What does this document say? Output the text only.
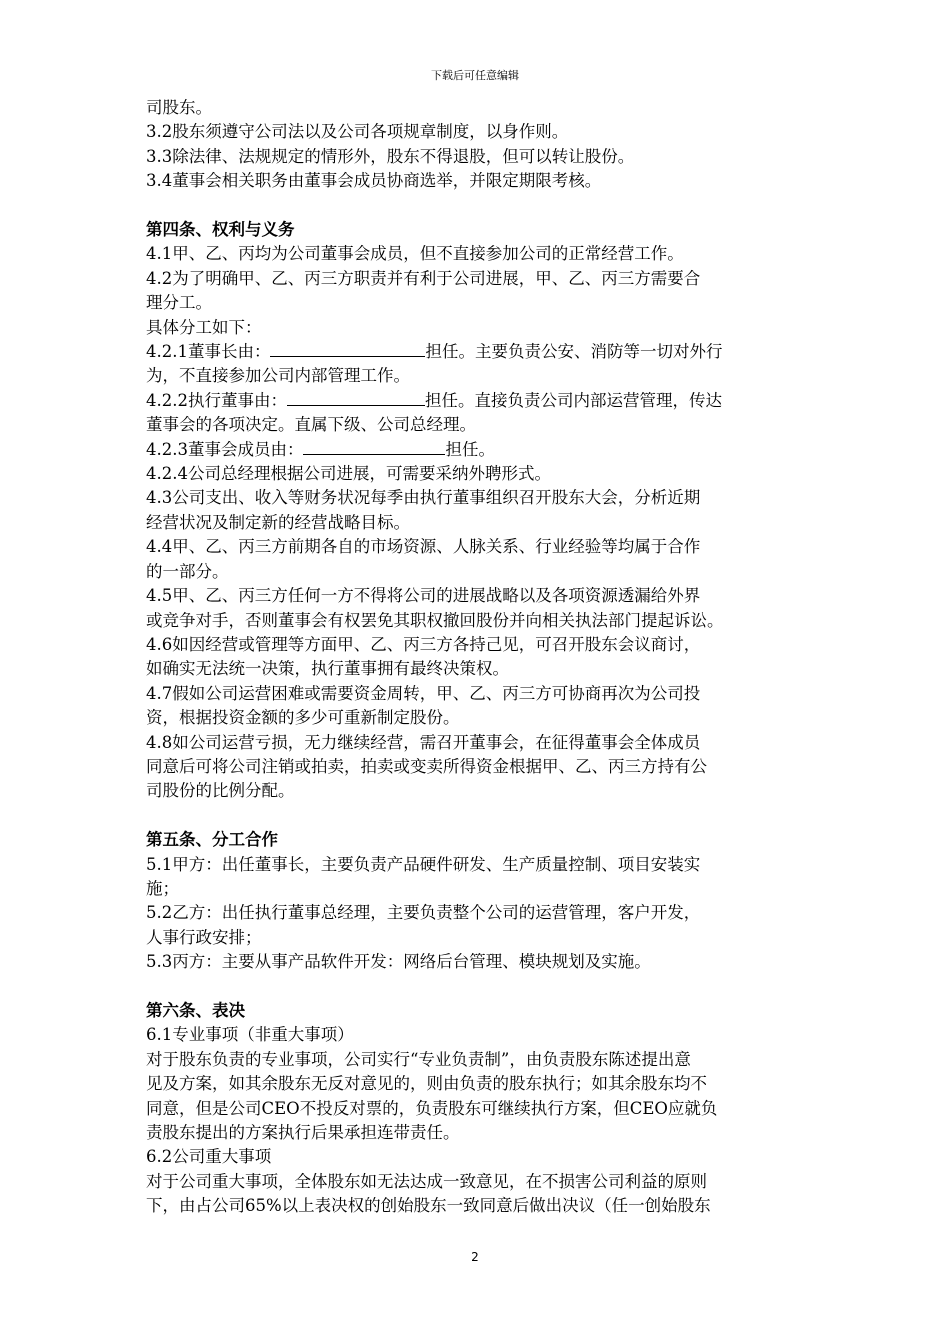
下载后可任意编辑
司股东。
3.2股东须遵守公司法以及公司各项规章制度，以身作则。
3.3除法律、法规规定的情形外，股东不得退股，但可以转让股份。
3.4董事会相关职务由董事会成员协商选举，并限定期限考核。
第四条、权利与义务
4.1甲、乙、丙均为公司董事会成员，但不直接参加公司的正常经营工作。
4.2为了明确甲、乙、丙三方职责并有利于公司进展，甲、乙、丙三方需要合
理分工。
具体分工如下：
4.2.1董事长由：	担任。主要负责公安、消防等一切对外行
为，不直接参加公司内部管理工作。
4.2.2执行董事由：	担任。直接负责公司内部运营管理，传达
董事会的各项决定。直属下级、公司总经理。
4.2.3董事会成员由：	担任。
4.2.4公司总经理根据公司进展，可需要采纳外聘形式。
4.3公司支出、收入等财务状况每季由执行董事组织召开股东大会，分析近期
经营状况及制定新的经营战略目标。
4.4甲、乙、丙三方前期各自的市场资源、人脉关系、行业经验等均属于合作
的一部分。
4.5甲、乙、丙三方任何一方不得将公司的进展战略以及各项资源透漏给外界
或竞争对手，否则董事会有权罢免其职权撤回股份并向相关执法部门提起诉讼。
4.6如因经营或管理等方面甲、乙、丙三方各持己见，可召开股东会议商讨，
如确实无法统一决策，执行董事拥有最终决策权。
4.7假如公司运营困难或需要资金周转，甲、乙、丙三方可协商再次为公司投
资，根据投资金额的多少可重新制定股份。
4.8如公司运营亏损，无力继续经营，需召开董事会，在征得董事会全体成员
同意后可将公司注销或拍卖，拍卖或变卖所得资金根据甲、乙、丙三方持有公
司股份的比例分配。
第五条、分工合作
5.1甲方：出任董事长，主要负责产品硬件研发、生产质量控制、项目安装实
施；
5.2乙方：出任执行董事总经理，主要负责整个公司的运营管理，客户开发，
人事行政安排；
5.3丙方：主要从事产品软件开发：网络后台管理、模块规划及实施。
第六条、表决
6.1专业事项（非重大事项）
对于股东负责的专业事项，公司实行“专业负责制”，由负责股东陈述提出意
见及方案，如其余股东无反对意见的，则由负责的股东执行；如其余股东均不
同意，但是公司CEO不投反对票的，负责股东可继续执行方案，但CEO应就负
责股东提出的方案执行后果承担连带责任。
6.2公司重大事项
对于公司重大事项，全体股东如无法达成一致意见，在不损害公司利益的原则
下，由占公司65%以上表决权的创始股东一致同意后做出决议（任一创始股东
2
